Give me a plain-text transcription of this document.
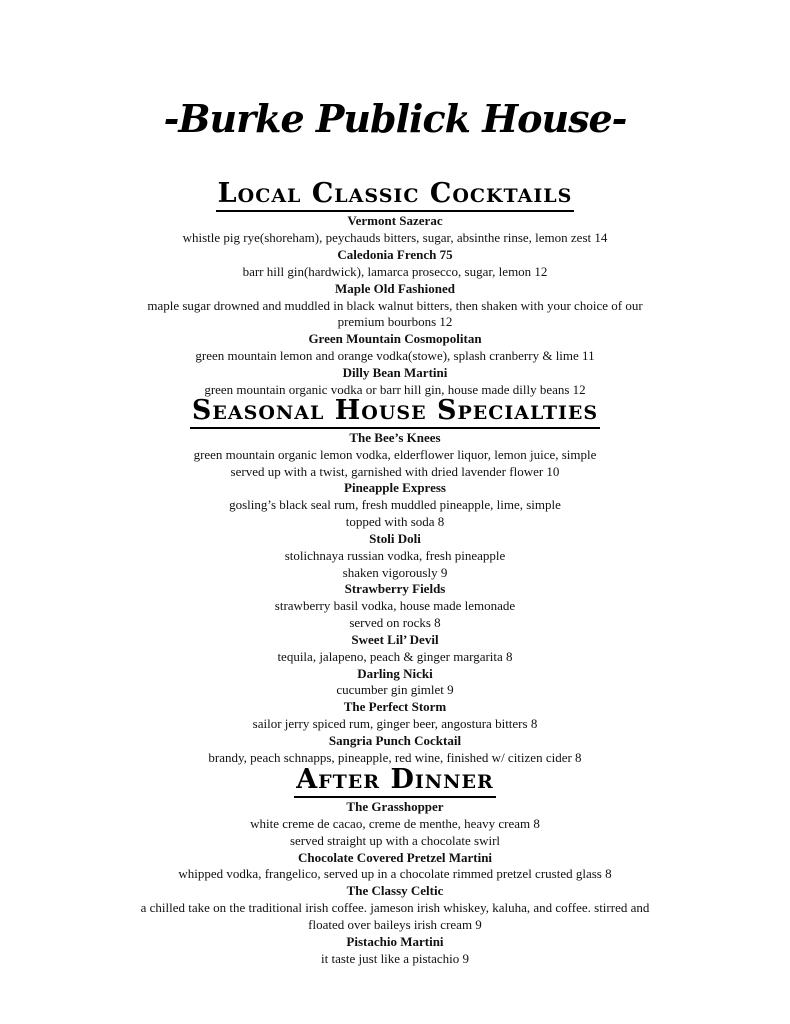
-Burke Publick House-
Local Classic Cocktails
Vermont Sazerac
whistle pig rye(shoreham), peychauds bitters, sugar, absinthe rinse, lemon zest 14
Caledonia French 75
barr hill gin(hardwick), lamarca prosecco, sugar, lemon 12
Maple Old Fashioned
maple sugar drowned and muddled in black walnut bitters, then shaken with your choice of our
premium bourbons 12
Green Mountain Cosmopolitan
green mountain lemon and orange vodka(stowe), splash cranberry & lime 11
Dilly Bean Martini
green mountain organic vodka or barr hill gin, house made dilly beans 12
Seasonal House Specialties
The Bee’s Knees
green mountain organic lemon vodka, elderflower liquor, lemon juice, simple
served up with a twist, garnished with dried lavender flower 10
Pineapple Express
gosling’s black seal rum, fresh muddled pineapple, lime, simple
topped with soda 8
Stoli Doli
stolichnaya russian vodka, fresh pineapple
shaken vigorously 9
Strawberry Fields
strawberry basil vodka, house made lemonade
served on rocks 8
Sweet Lil’ Devil
tequila, jalapeno, peach & ginger margarita 8
Darling Nicki
cucumber gin gimlet 9
The Perfect Storm
sailor jerry spiced rum, ginger beer, angostura bitters 8
Sangria Punch Cocktail
brandy, peach schnapps, pineapple, red wine, finished w/ citizen cider 8
After Dinner
The Grasshopper
white creme de cacao, creme de menthe, heavy cream 8
served straight up with a chocolate swirl
Chocolate Covered Pretzel Martini
whipped vodka, frangelico, served up in a chocolate rimmed pretzel crusted glass 8
The Classy Celtic
a chilled take on the traditional irish coffee. jameson irish whiskey, kaluha, and coffee. stirred and
floated over baileys irish cream 9
Pistachio Martini
it taste just like a pistachio 9
